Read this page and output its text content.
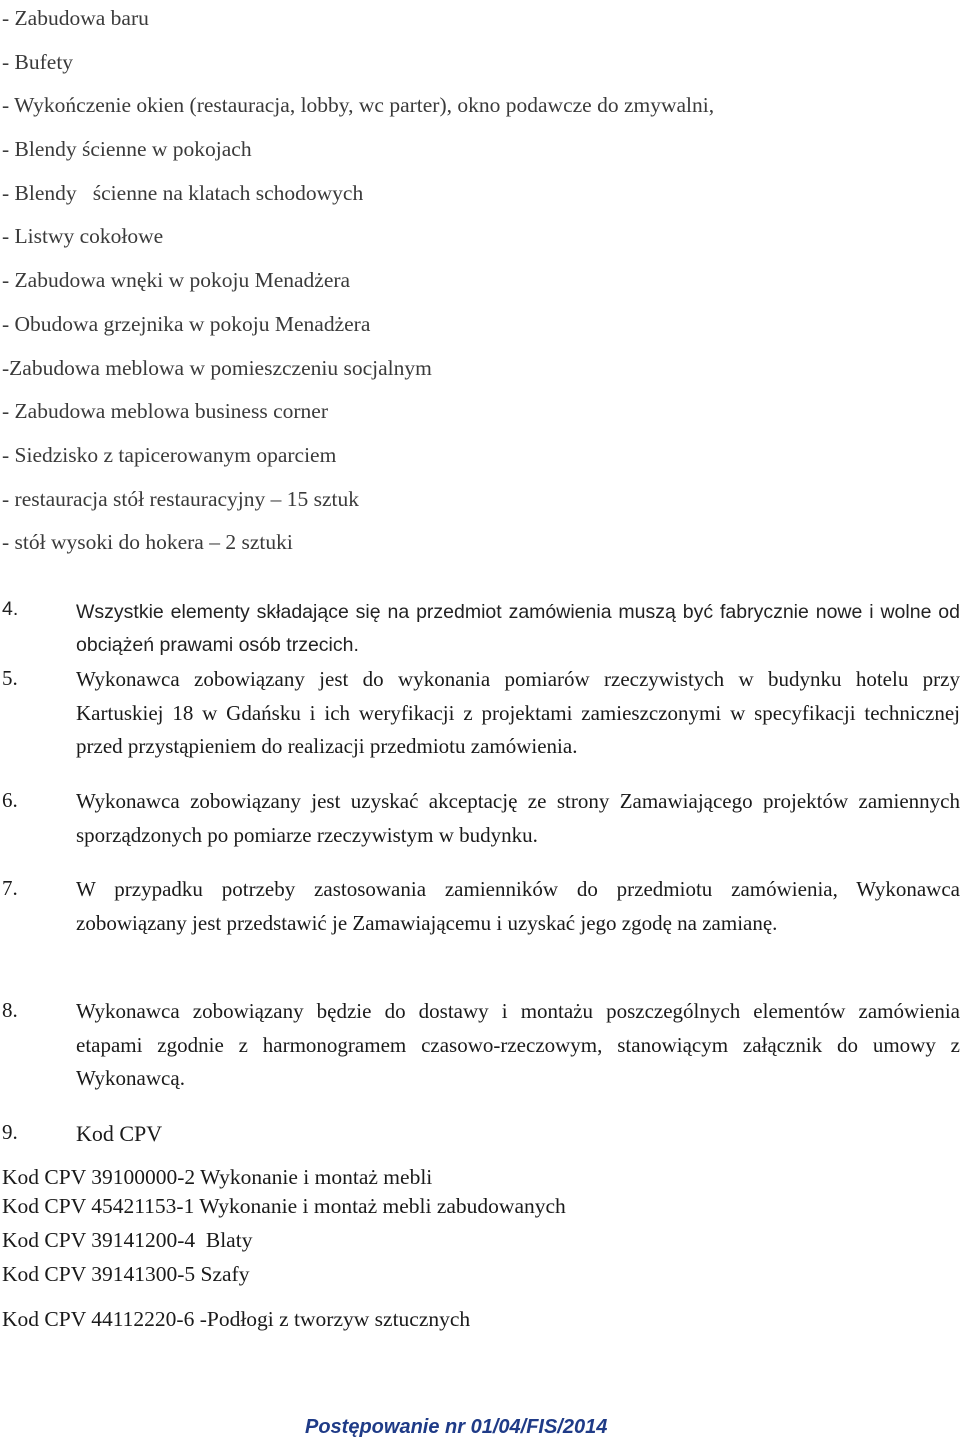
- Zabudowa baru
- Bufety
- Wykończenie okien (restauracja, lobby, wc parter), okno podawcze do zmywalni,
- Blendy ścienne w pokojach
- Blendy   ścienne na klatach schodowych
- Listwy cokołowe
- Zabudowa wnęki w pokoju Menadżera
- Obudowa grzejnika w pokoju Menadżera
-Zabudowa meblowa w pomieszczeniu socjalnym
- Zabudowa meblowa business corner
- Siedzisko z tapicerowanym oparciem
- restauracja stół restauracyjny – 15 sztuk
- stół wysoki do hokera – 2 sztuki
4.	Wszystkie elementy składające się na przedmiot zamówienia muszą być fabrycznie nowe i wolne od obciążeń prawami osób trzecich.
5.	Wykonawca zobowiązany jest do wykonania pomiarów rzeczywistych w budynku hotelu przy Kartuskiej 18 w Gdańsku i ich weryfikacji z projektami zamieszczonymi w specyfikacji technicznej przed przystąpieniem do realizacji przedmiotu zamówienia.
6.	Wykonawca zobowiązany jest uzyskać akceptację ze strony Zamawiającego projektów zamiennych sporządzonych po pomiarze rzeczywistym w budynku.
7.	W przypadku potrzeby zastosowania zamienników do przedmiotu zamówienia, Wykonawca zobowiązany jest przedstawić je Zamawiającemu i uzyskać jego zgodę na zamianę.
8.	Wykonawca zobowiązany będzie do dostawy i montażu poszczególnych elementów zamówienia etapami zgodnie z harmonogramem czasowo-rzeczowym, stanowiącym załącznik do umowy z Wykonawcą.
9.	Kod CPV
Kod CPV 39100000-2 Wykonanie i montaż mebli
Kod CPV 45421153-1 Wykonanie i montaż mebli zabudowanych
Kod CPV 39141200-4  Blaty
Kod CPV 39141300-5 Szafy
Kod CPV 44112220-6 -Podłogi z tworzyw sztucznych
Postępowanie nr 01/04/FIS/2014
